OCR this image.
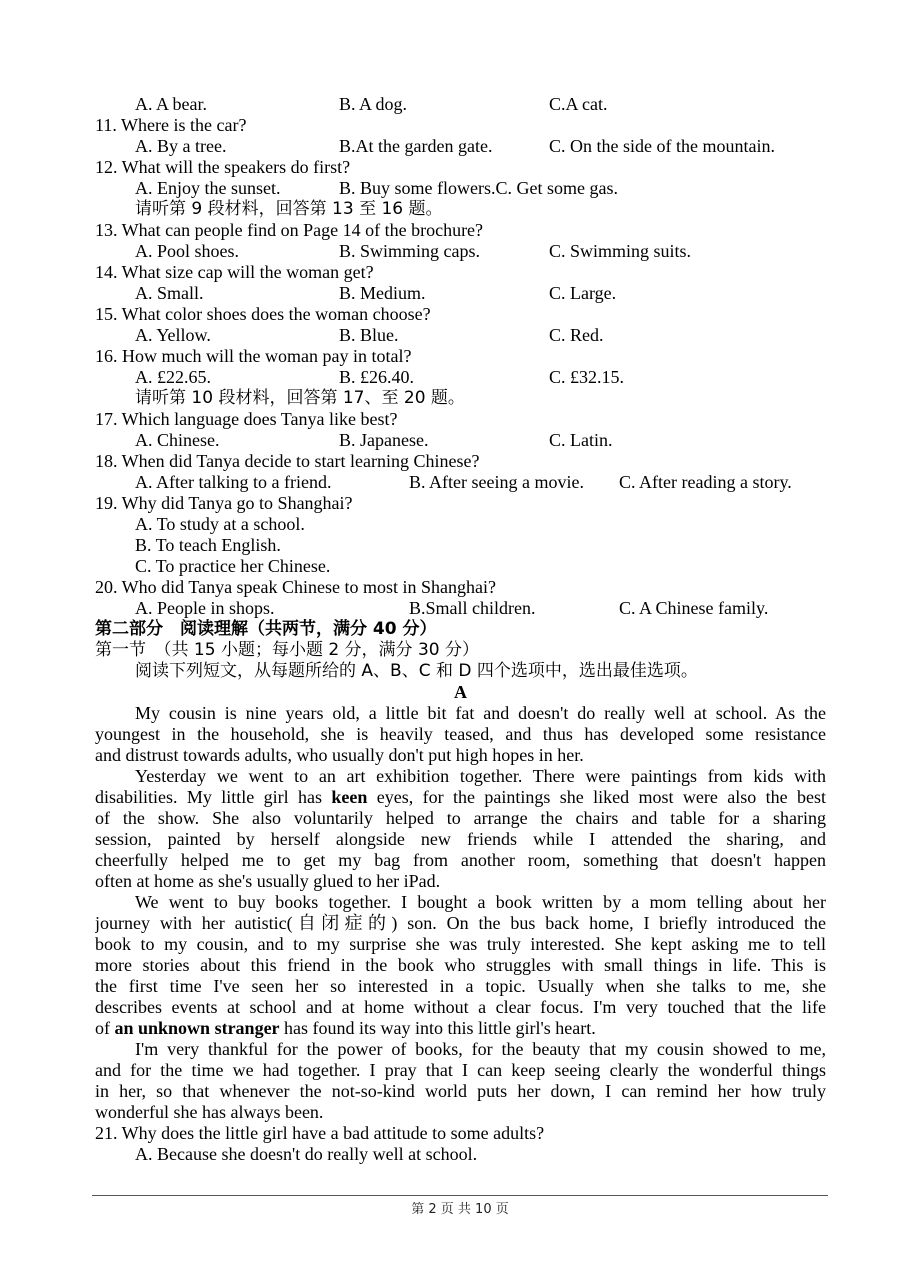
A. A bear.	B. A dog.	C.A cat.
11. Where is the car?
A. By a tree.	B.At the garden gate.	C. On the side of the mountain.
12. What will the speakers do first?
A. Enjoy the sunset.	B. Buy some flowers.C. Get some gas.
请听第 9 段材料，回答第 13 至 16 题。
13. What can people find on Page 14 of the brochure?
A. Pool shoes.	B. Swimming caps.	C. Swimming suits.
14. What size cap will the woman get?
A. Small.	B. Medium.	C. Large.
15. What color shoes does the woman choose?
A. Yellow.	B. Blue.	C. Red.
16. How much will the woman pay in total?
A. £22.65.	B. £26.40.	C. £32.15.
请听第 10 段材料，回答第 17、至 20 题。
17. Which language does Tanya like best?
A. Chinese.	B. Japanese.	C. Latin.
18. When did Tanya decide to start learning Chinese?
A. After talking to a friend.	B. After seeing a movie. C. After reading a story.
19. Why did Tanya go to Shanghai?
A. To study at a school.
B. To teach English.
C. To practice her Chinese.
20. Who did Tanya speak Chinese to most in Shanghai?
A. People in shops.	B.Small children.	C. A Chinese family.
第二部分　阅读理解（共两节，满分 40 分）
第一节　（共 15 小题；每小题 2 分，满分 30 分）
阅读下列短文，从每题所给的 A、B、C 和 D 四个选项中，选出最佳选项。
A
My cousin is nine years old, a little bit fat and doesn't do really well at school. As the
youngest in the household, she is heavily teased, and thus has developed some resistance
and distrust towards adults, who usually don't put high hopes in her.
Yesterday we went to an art exhibition together. There were paintings from kids with
disabilities. My little girl has keen eyes, for the paintings she liked most were also the best
of the show. She also voluntarily helped to arrange the chairs and table for a sharing
session, painted by herself alongside new friends while I attended the sharing, and
cheerfully helped me to get my bag from another room, something that doesn't happen
often at home as she's usually glued to her iPad.
We went to buy books together. I bought a book written by a mom telling about her
journey with her autistic(自闭症的) son. On the bus back home, I briefly introduced the
book to my cousin, and to my surprise she was truly interested. She kept asking me to tell
more stories about this friend in the book who struggles with small things in life. This is
the first time I've seen her so interested in a topic. Usually when she talks to me, she
describes events at school and at home without a clear focus. I'm very touched that the life
of an unknown stranger has found its way into this little girl's heart.
I'm very thankful for the power of books, for the beauty that my cousin showed to me,
and for the time we had together. I pray that I can keep seeing clearly the wonderful things
in her, so that whenever the not-so-kind world puts her down, I can remind her how truly
wonderful she has always been.
21. Why does the little girl have a bad attitude to some adults?
A. Because she doesn't do really well at school.
第 2 页 共 10 页
